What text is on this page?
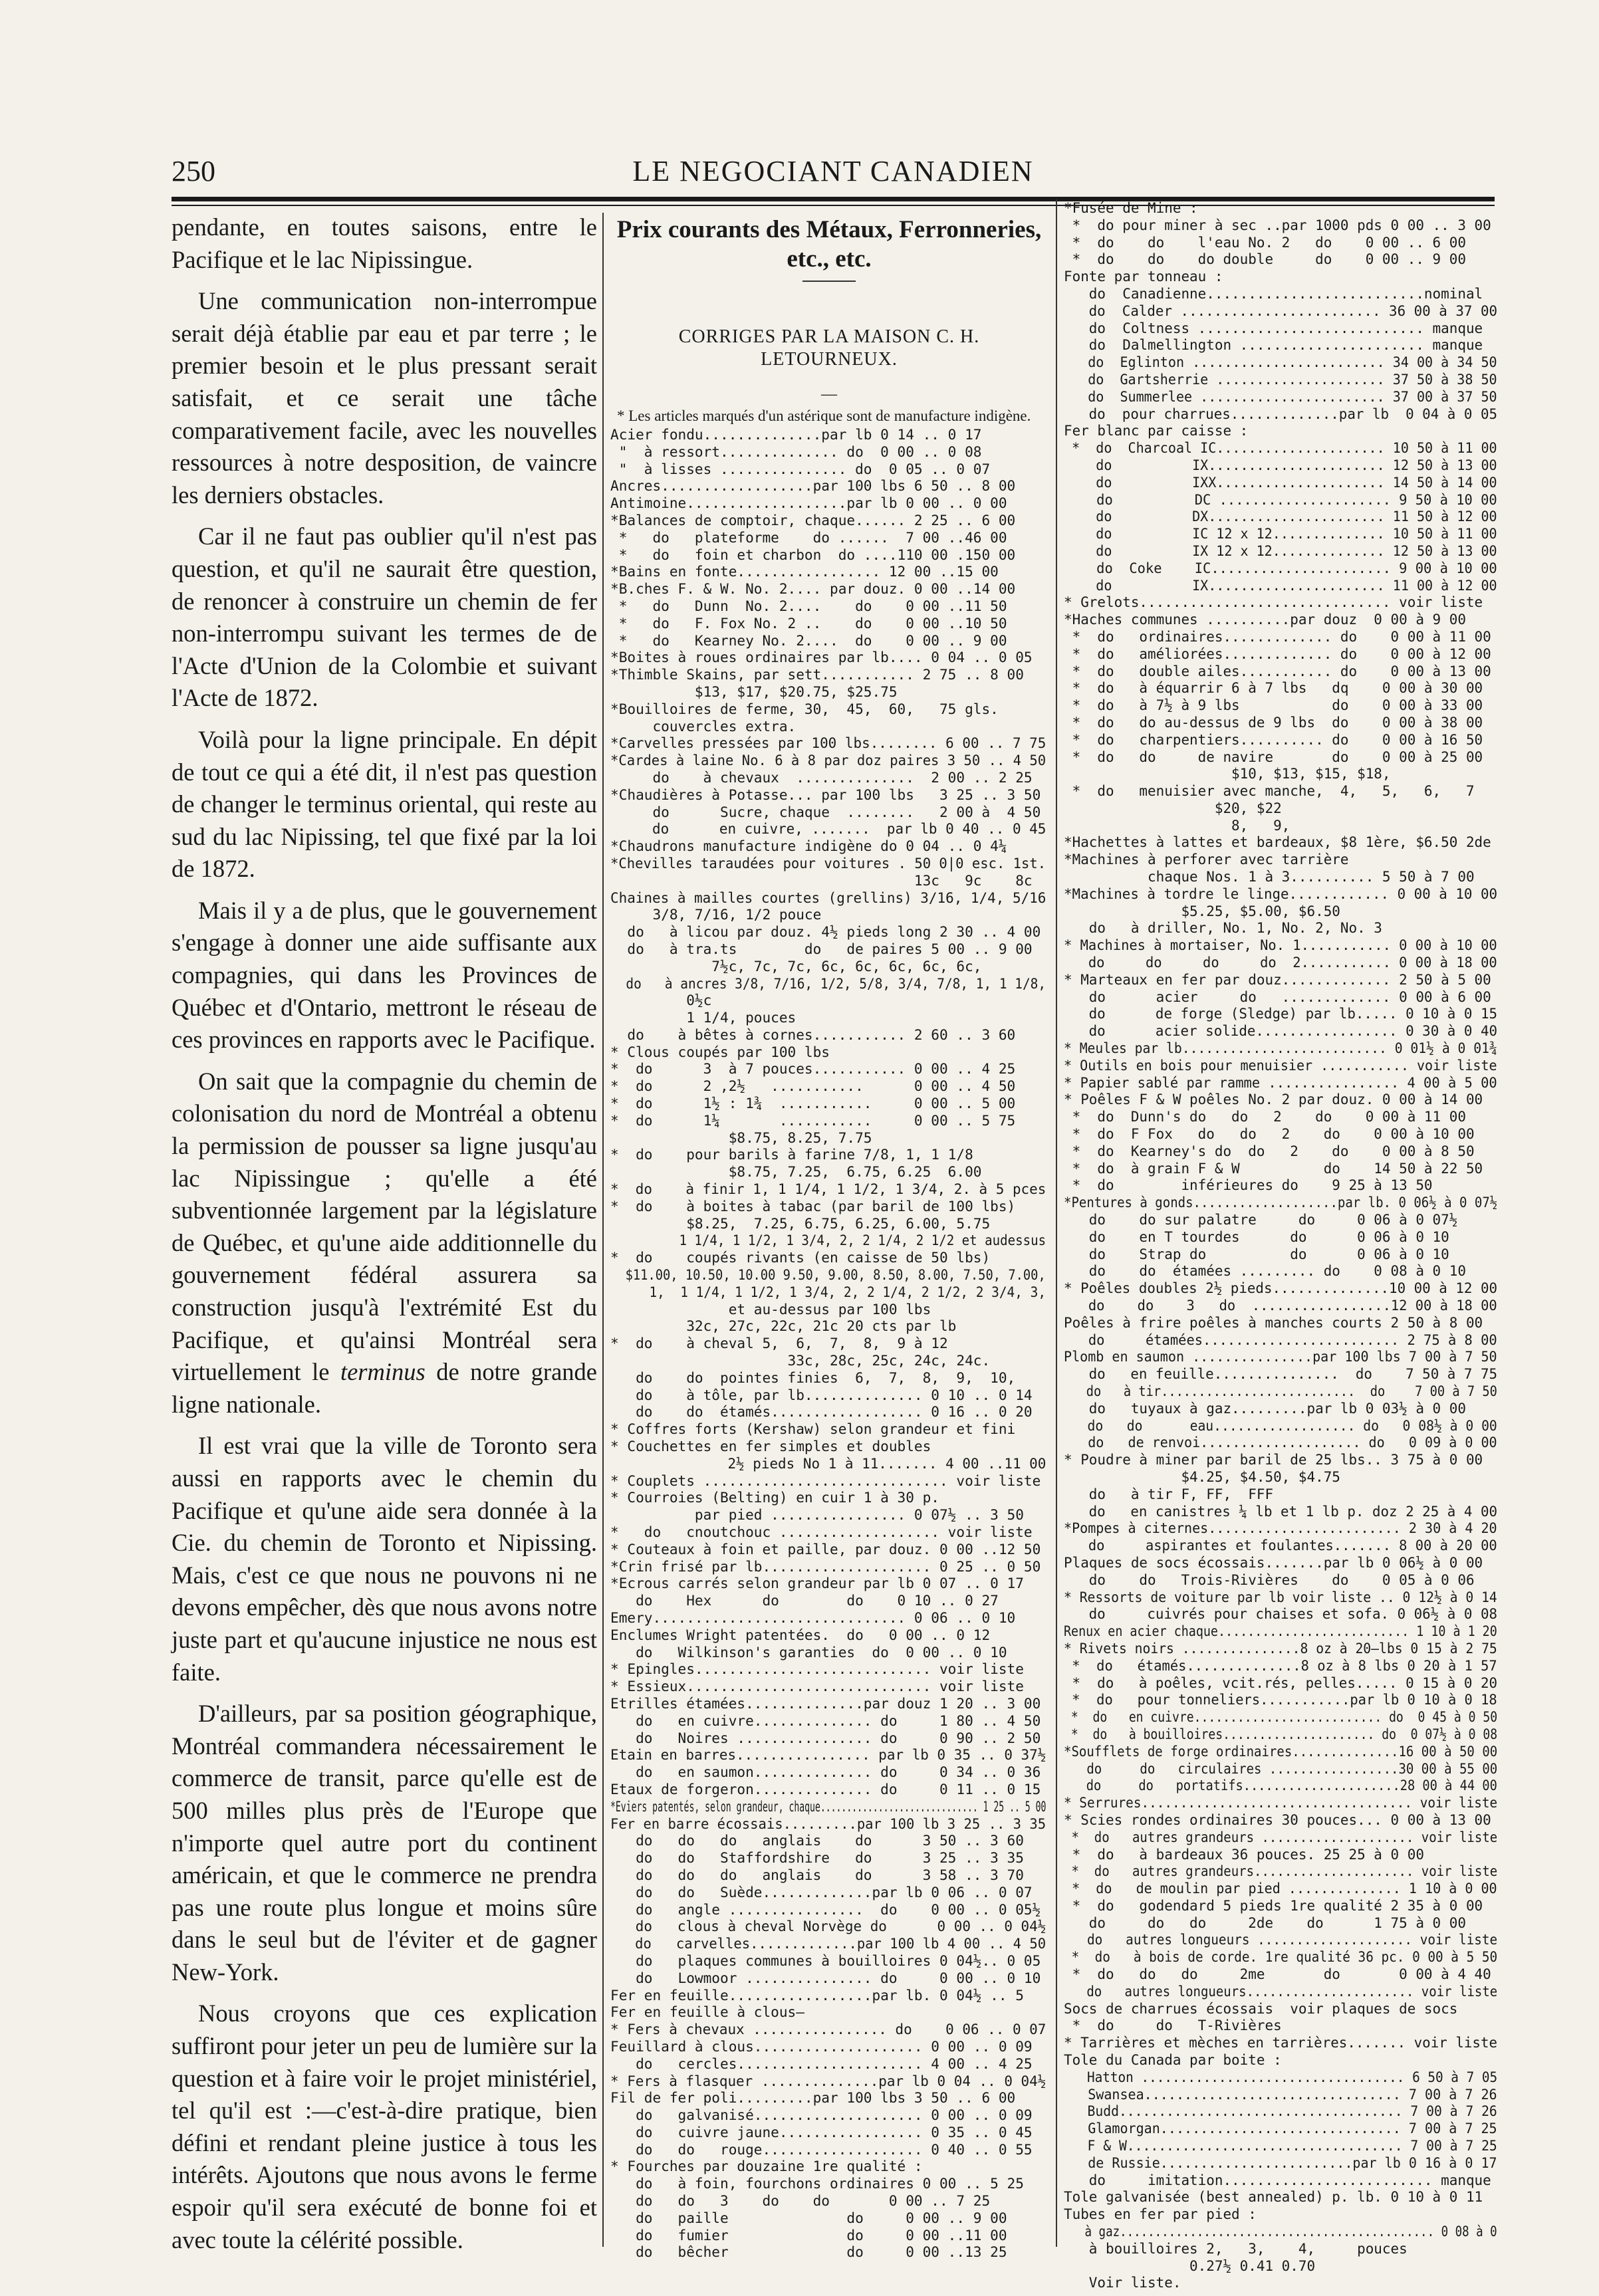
250	LE NEGOCIANT CANADIEN

pendante, en toutes saisons, entre le Pacifique et le lac Nipissingue.

Une communication non-interrompue serait déjà établie par eau et par terre ; le premier besoin et le plus pressant serait satisfait, et ce serait une tâche comparativement facile, avec les nouvelles ressources à notre desposition, de vaincre les derniers obstacles.

Car il ne faut pas oublier qu'il n'est pas question, et qu'il ne saurait être question, de renoncer à construire un chemin de fer non-interrompu suivant les termes de de l'Acte d'Union de la Colombie et suivant l'Acte de 1872.

Voilà pour la ligne principale. En dépit de tout ce qui a été dit, il n'est pas question de changer le terminus oriental, qui reste au sud du lac Nipissing, tel que fixé par la loi de 1872.

Mais il y a de plus, que le gouvernement s'engage à donner une aide suffisante aux compagnies, qui dans les Provinces de Québec et d'Ontario, mettront le réseau de ces provinces en rapports avec le Pacifique.

On sait que la compagnie du chemin de colonisation du nord de Montréal a obtenu la permission de pousser sa ligne jusqu'au lac Nipissingue ; qu'elle a été subventionnée largement par la législature de Québec, et qu'une aide additionnelle du gouvernement fédéral assurera sa construction jusqu'à l'extrémité Est du Pacifique, et qu'ainsi Montréal sera virtuellement le terminus de notre grande ligne nationale.

Il est vrai que la ville de Toronto sera aussi en rapports avec le chemin du Pacifique et qu'une aide sera donnée à la Cie. du chemin de Toronto et Nipissing. Mais, c'est ce que nous ne pouvons ni ne devons empêcher, dès que nous avons notre juste part et qu'aucune injustice ne nous est faite.

D'ailleurs, par sa position géographique, Montréal commandera nécessairement le commerce de transit, parce qu'elle est de 500 milles plus près de l'Europe que n'importe quel autre port du continent américain, et que le commerce ne prendra pas une route plus longue et moins sûre dans le seul but de l'éviter et de gagner New-York.

Nous croyons que ces explication suffiront pour jeter un peu de lumière sur la question et à faire voir le projet ministériel, tel qu'il est :—c'est-à-dire pratique, bien défini et rendant pleine justice à tous les intérêts. Ajoutons que nous avons le ferme espoir qu'il sera exécuté de bonne foi et avec toute la célérité possible.

Prix courants des Métaux, Ferronneries, etc., etc.
CORRIGES PAR LA MAISON C. H. LETOURNEUX.
—
* Les articles marqués d'un astérique sont de manufacture indigène.
Acier fondu..............par lb 0 14 .. 0 17
"  à ressort.............. do  0 00 .. 0 08
"  à lisses ............... do  0 05 .. 0 07
Ancres..................par 100 lbs 6 50 .. 8 00
Antimoine...................par lb 0 00 .. 0 00
*Balances de comptoir, chaque...... 2 25 .. 6 00
*   do   plateforme    do ......  7 00 ..46 00
*   do   foin et charbon  do ....110 00 .150 00
*Bains en fonte................. 12 00 ..15 00
*B.ches F. & W. No. 2.... par douz. 0 00 ..14 00
*   do   Dunn  No. 2....    do    0 00 ..11 50
*   do   F. Fox No. 2 ..    do    0 00 ..10 50
*   do   Kearney No. 2....  do    0 00 .. 9 00
*Boites à roues ordinaires par lb.... 0 04 .. 0 05
*Thimble Skains, par sett........... 2 75 .. 8 00
$13, $17, $20.75, $25.75
*Bouilloires de ferme, 30,  45,  60,   75 gls.
couvercles extra.
*Carvelles pressées par 100 lbs........ 6 00 .. 7 75
*Cardes à laine No. 6 à 8 par doz paires 3 50 .. 4 50
do    à chevaux  ..............  2 00 .. 2 25
*Chaudières à Potasse... par 100 lbs   3 25 .. 3 50
do      Sucre, chaque  ........   2 00 à  4 50
do      en cuivre, .......  par lb 0 40 .. 0 45
*Chaudrons manufacture indigène do 0 04 .. 0 4¼
*Chevilles taraudées pour voitures . 50 0|0 esc. 1st.
13c   9c    8c
Chaines à mailles courtes (grellins) 3/16, 1/4, 5/16
3/8, 7/16, 1/2 pouce
do   à licou par douz. 4½ pieds long 2 30 .. 4 00
do   à tra.ts        do   de paires 5 00 .. 9 00
7½c, 7c, 7c, 6c, 6c, 6c, 6c, 6c,
do   à ancres 3/8, 7/16, 1/2, 5/8, 3/4, 7/8, 1, 1 1/8,
0½c
1 1/4, pouces
do    à bêtes à cornes........... 2 60 .. 3 60
* Clous coupés par 100 lbs
*  do      3  à 7 pouces........... 0 00 .. 4 25
*  do      2 ,2½   ...........      0 00 .. 4 50
*  do      1½ : 1¾  ...........     0 00 .. 5 00
*  do      1¼       ...........     0 00 .. 5 75
$8.75, 8.25, 7.75
*  do    pour barils à farine 7/8, 1, 1 1/8
$8.75, 7.25,  6.75, 6.25  6.00
*  do    à finir 1, 1 1/4, 1 1/2, 1 3/4, 2. à 5 pces
*  do    à boites à tabac (par baril de 100 lbs)
$8.25,  7.25, 6.75, 6.25, 6.00, 5.75
1 1/4, 1 1/2, 1 3/4, 2, 2 1/4, 2 1/2 et audessus
*  do    coupés rivants (en caisse de 50 lbs)
$11.00, 10.50, 10.00 9.50, 9.00, 8.50, 8.00, 7.50, 7.00,
1,  1 1/4, 1 1/2, 1 3/4, 2, 2 1/4, 2 1/2, 2 3/4, 3,
et au-dessus par 100 lbs
32c, 27c, 22c, 21c 20 cts par lb
*  do    à cheval 5,  6,  7,  8,  9 à 12
33c, 28c, 25c, 24c, 24c.
do    do  pointes finies  6,  7,  8,  9,  10,
do    à tôle, par lb.............. 0 10 .. 0 14
do    do  étamés.................. 0 16 .. 0 20
* Coffres forts (Kershaw) selon grandeur et fini
* Couchettes en fer simples et doubles
2½ pieds No 1 à 11....... 4 00 ..11 00
* Couplets ............................. voir liste
* Courroies (Belting) en cuir 1 à 30 p.
par pied ................ 0 07½ .. 3 50
*   do   cnoutchouc ................... voir liste
* Couteaux à foin et paille, par douz. 0 00 ..12 50
*Crin frisé par lb.................... 0 25 .. 0 50
*Ecrous carrés selon grandeur par lb 0 07 .. 0 17
do    Hex      do        do    0 10 .. 0 27
Emery.............................. 0 06 .. 0 10
Enclumes Wright patentées.  do   0 00 .. 0 12
do   Wilkinson's garanties  do  0 00 .. 0 10
* Epingles............................ voir liste
* Essieux............................. voir liste
Etrilles étamées..............par douz 1 20 .. 3 00
do   en cuivre.............. do     1 80 .. 4 50
do   Noires ................ do     0 90 .. 2 50
Etain en barres................ par lb 0 35 .. 0 37½
do   en saumon.............. do     0 34 .. 0 36
Etaux de forgeron.............. do     0 11 .. 0 15
*Eviers patentés, selon grandeur, chaque.............................. 1 25 .. 5 00
Fer en barre écossais.........par 100 lb 3 25 .. 3 35
do   do   do   anglais    do      3 50 .. 3 60
do   do   Staffordshire   do      3 25 .. 3 35
do   do   do   anglais    do      3 58 .. 3 70
do   do   Suède.............par lb 0 06 .. 0 07
do   angle ................  do    0 00 .. 0 05½
do   clous à cheval Norvège do      0 00 .. 0 04½
do   carvelles.............par 100 lb 4 00 .. 4 50
do   plaques communes à bouilloires 0 04½.. 0 05
do   Lowmoor ............... do     0 00 .. 0 10
Fer en feuille.................par lb. 0 04½ .. 5
Fer en feuille à clous—
* Fers à chevaux ................ do    0 06 .. 0 07
Feuillard à clous.................... 0 00 .. 0 09
do   cercles...................... 4 00 .. 4 25
* Fers à flasquer ..............par lb 0 04 .. 0 04½
Fil de fer poli.........par 100 lbs 3 50 .. 6 00
do   galvanisé.................... 0 00 .. 0 09
do   cuivre jaune................. 0 35 .. 0 45
do   do   rouge................... 0 40 .. 0 55
* Fourches par douzaine 1re qualité :
do   à foin, fourchons ordinaires 0 00 .. 5 25
do   do   3    do    do       0 00 .. 7 25
do   paille              do     0 00 .. 9 00
do   fumier              do     0 00 ..11 00
do   bêcher              do     0 00 ..13 25
*Fusée de Mine :
*  do pour miner à sec ..par 1000 pds 0 00 .. 3 00
*  do    do    l'eau No. 2   do    0 00 .. 6 00
*  do    do    do double     do    0 00 .. 9 00
Fonte par tonneau :
do  Canadienne..........................nominal
do  Calder ........................ 36 00 à 37 00
do  Coltness ........................... manque
do  Dalmellington ...................... manque
do  Eglinton ........................ 34 00 à 34 50
do  Gartsherrie ..................... 37 50 à 38 50
do  Summerlee ....................... 37 00 à 37 50
do  pour charrues.............par lb  0 04 à 0 05
Fer blanc par caisse :
*  do  Charcoal IC..................... 10 50 à 11 00
do          IX...................... 12 50 à 13 00
do          IXX..................... 14 50 à 14 00
do          DC ..................... 9 50 à 10 00
do          DX...................... 11 50 à 12 00
do          IC 12 x 12.............. 10 50 à 11 00
do          IX 12 x 12.............. 12 50 à 13 00
do  Coke    IC...................... 9 00 à 10 00
do          IX...................... 11 00 à 12 00
* Grelots.............................. voir liste
*Haches communes ..........par douz  0 00 à 9 00
*  do   ordinaires............. do    0 00 à 11 00
*  do   améliorées............. do    0 00 à 12 00
*  do   double ailes........... do    0 00 à 13 00
*  do   à équarrir 6 à 7 lbs   dq    0 00 à 30 00
*  do   à 7½ à 9 lbs           do    0 00 à 33 00
*  do   do au-dessus de 9 lbs  do    0 00 à 38 00
*  do   charpentiers.......... do    0 00 à 16 50
*  do   do     de navire       do    0 00 à 25 00
$10, $13, $15, $18,
*  do   menuisier avec manche,  4,   5,   6,   7
$20, $22
8,   9,
*Hachettes à lattes et bardeaux, $8 1ère, $6.50 2de
*Machines à perforer avec tarrière
chaque Nos. 1 à 3.......... 5 50 à 7 00
*Machines à tordre le linge............ 0 00 à 10 00
$5.25, $5.00, $6.50
do   à driller, No. 1, No. 2, No. 3
* Machines à mortaiser, No. 1........... 0 00 à 10 00
do     do     do     do  2........... 0 00 à 18 00
* Marteaux en fer par douz............. 2 50 à 5 00
do      acier     do   ............. 0 00 à 6 00
do      de forge (Sledge) par lb..... 0 10 à 0 15
do      acier solide................. 0 30 à 0 40
* Meules par lb.......................... 0 01½ à 0 01¾
* Outils en bois pour menuisier ........... voir liste
* Papier sablé par ramme ................ 4 00 à 5 00
* Poêles F & W poêles No. 2 par douz. 0 00 à 14 00
*  do  Dunn's do   do   2    do    0 00 à 11 00
*  do  F Fox   do   do   2    do    0 00 à 10 00
*  do  Kearney's do  do   2    do    0 00 à 8 50
*  do  à grain F & W          do    14 50 à 22 50
*  do        inférieures do    9 25 à 13 50
*Pentures à gonds...................par lb. 0 06½ à 0 07½
do    do sur palatre     do     0 06 à 0 07½
do    en T tourdes      do      0 06 à 0 10
do    Strap do          do      0 06 à 0 10
do    do  étamées ......... do    0 08 à 0 10
* Poêles doubles 2½ pieds..............10 00 à 12 00
do    do    3   do  .................12 00 à 18 00
Poêles à frire poêles à manches courts 2 50 à 8 00
do     étamées........................ 2 75 à 8 00
Plomb en saumon ...............par 100 lbs 7 00 à 7 50
do   en feuille...............  do    7 50 à 7 75
do   à tir..........................  do    7 00 à 7 50
do   tuyaux à gaz.........par lb 0 03½ à 0 00
do   do      eau.................. do   0 08½ à 0 00
do   de renvoi.................... do   0 09 à 0 00
* Poudre à miner par baril de 25 lbs.. 3 75 à 0 00
$4.25, $4.50, $4.75
do   à tir F, FF,  FFF
do   en canistres ¼ lb et 1 lb p. doz 2 25 à 4 00
*Pompes à citernes........................ 2 30 à 4 20
do     aspirantes et foulantes....... 8 00 à 20 00
Plaques de socs écossais.......par lb 0 06½ à 0 00
do    do   Trois-Rivières    do    0 05 à 0 06
* Ressorts de voiture par lb voir liste .. 0 12½ à 0 14
do     cuivrés pour chaises et sofa. 0 06½ à 0 08
Renux en acier chaque.......................... 1 10 à 1 20
* Rivets noirs ...............8 oz à 20—lbs 0 15 à 2 75
*  do   étamés..............8 oz à 8 lbs 0 20 à 1 57
*  do   à poêles, vcit.rés, pelles..... 0 15 à 0 20
*  do   pour tonneliers...........par lb 0 10 à 0 18
*  do   en cuivre.......................... do  0 45 à 0 50
*  do   à bouilloires..................... do  0 07½ à 0 08
*Soufflets de forge ordinaires..............16 00 à 50 00
do     do   circulaires .................30 00 à 55 00
do     do   portatifs.....................28 00 à 44 00
* Serrures................................... voir liste
* Scies rondes ordinaires 30 pouces... 0 00 à 13 00
*  do   autres grandeurs .................... voir liste
*  do   à bardeaux 36 pouces. 25 25 à 0 00
*  do   autres grandeurs..................... voir liste
*  do   de moulin par pied .............. 1 10 à 0 00
*  do   godendard 5 pieds 1re qualité 2 35 à 0 00
do     do   do     2de    do      1 75 à 0 00
do   autres longueurs .................... voir liste
*  do   à bois de corde. 1re qualité 36 pc. 0 00 à 5 50
*  do   do   do     2me       do       0 00 à 4 40
do   autres longueurs...................... voir liste
Socs de charrues écossais  voir plaques de socs
*  do     do   T-Rivières
* Tarrières et mèches en tarrières....... voir liste
Tole du Canada par boite :
Hatton .................................. 6 50 à 7 05
Swansea................................ 7 00 à 7 26
Budd.................................... 7 00 à 7 26
Glamorgan.............................. 7 00 à 7 25
F & W................................... 7 00 à 7 25
de Russie........................par lb 0 16 à 0 17
do     imitation......................... manque
Tole galvanisée (best annealed) p. lb. 0 10 à 0 11
Tubes en fer par pied :
à gaz............................................. 0 08 à 0
à bouilloires 2,   3,    4,     pouces
0.27½ 0.41 0.70
Voir liste.
